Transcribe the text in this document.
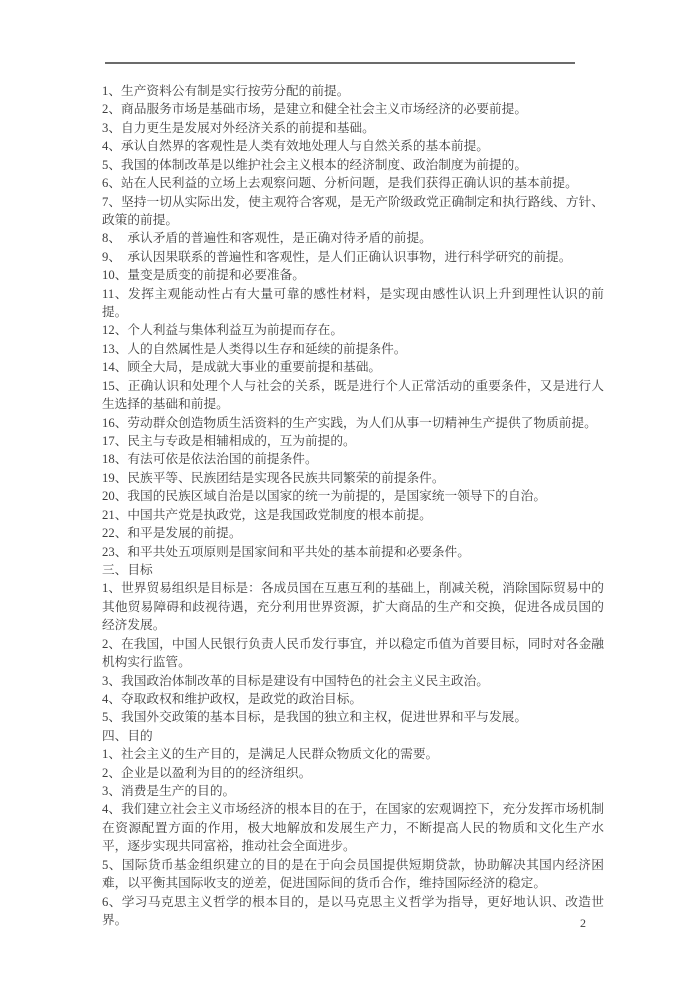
1、生产资料公有制是实行按劳分配的前提。

2、商品服务市场是基础市场，是建立和健全社会主义市场经济的必要前提。

3、自力更生是发展对外经济关系的前提和基础。

4、承认自然界的客观性是人类有效地处理人与自然关系的基本前提。

5、我国的体制改革是以维护社会主义根本的经济制度、政治制度为前提的。

6、站在人民利益的立场上去观察问题、分析问题，是我们获得正确认识的基本前提。

7、坚持一切从实际出发，使主观符合客观，是无产阶级政党正确制定和执行路线、方针、政策的前提。

8、　承认矛盾的普遍性和客观性，是正确对待矛盾的前提。

9、　承认因果联系的普遍性和客观性，是人们正确认识事物，进行科学研究的前提。

10、量变是质变的前提和必要准备。

11、发挥主观能动性占有大量可靠的感性材料，是实现由感性认识上升到理性认识的前提。

12、个人利益与集体利益互为前提而存在。

13、人的自然属性是人类得以生存和延续的前提条件。

14、顾全大局，是成就大事业的重要前提和基础。

15、正确认识和处理个人与社会的关系，既是进行个人正常活动的重要条件，又是进行人生选择的基础和前提。

16、劳动群众创造物质生活资料的生产实践，为人们从事一切精神生产提供了物质前提。

17、民主与专政是相辅相成的，互为前提的。

18、有法可依是依法治国的前提条件。

19、民族平等、民族团结是实现各民族共同繁荣的前提条件。

20、我国的民族区域自治是以国家的统一为前提的，是国家统一领导下的自治。

21、中国共产党是执政党，这是我国政党制度的根本前提。

22、和平是发展的前提。

23、和平共处五项原则是国家间和平共处的基本前提和必要条件。

三、目标

1、世界贸易组织是目标是：各成员国在互惠互利的基础上，削减关税，消除国际贸易中的其他贸易障碍和歧视待遇，充分利用世界资源，扩大商品的生产和交换，促进各成员国的经济发展。

2、在我国，中国人民银行负责人民币发行事宜，并以稳定币值为首要目标，同时对各金融机构实行监管。

3、我国政治体制改革的目标是建设有中国特色的社会主义民主政治。

4、夺取政权和维护政权，是政党的政治目标。

5、我国外交政策的基本目标，是我国的独立和主权，促进世界和平与发展。

四、目的

1、社会主义的生产目的，是满足人民群众物质文化的需要。

2、企业是以盈利为目的的经济组织。

3、消费是生产的目的。

4、我们建立社会主义市场经济的根本目的在于，在国家的宏观调控下，充分发挥市场机制在资源配置方面的作用，极大地解放和发展生产力，不断提高人民的物质和文化生产水平，逐步实现共同富裕，推动社会全面进步。

5、国际货币基金组织建立的目的是在于向会员国提供短期贷款，协助解决其国内经济困难，以平衡其国际收支的逆差，促进国际间的货币合作，维持国际经济的稳定。

6、学习马克思主义哲学的根本目的，是以马克思主义哲学为指导，更好地认识、改造世界。	2
